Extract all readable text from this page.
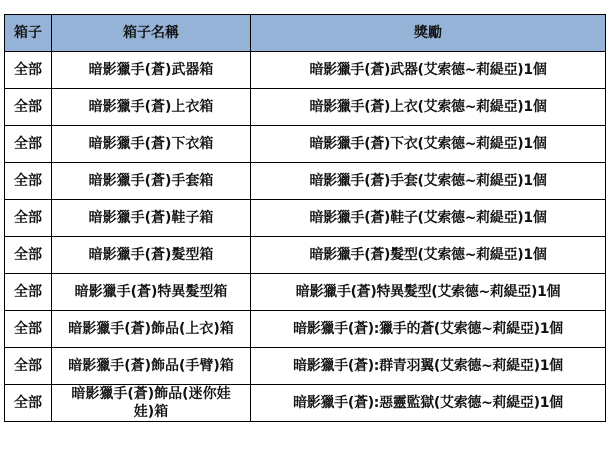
箱子	箱子名稱	獎勵
全部	暗影獵手(蒼)武器箱	暗影獵手(蒼)武器(艾索德~莉緹亞)1個
全部	暗影獵手(蒼)上衣箱	暗影獵手(蒼)上衣(艾索德~莉緹亞)1個
全部	暗影獵手(蒼)下衣箱	暗影獵手(蒼)下衣(艾索德~莉緹亞)1個
全部	暗影獵手(蒼)手套箱	暗影獵手(蒼)手套(艾索德~莉緹亞)1個
全部	暗影獵手(蒼)鞋子箱	暗影獵手(蒼)鞋子(艾索德~莉緹亞)1個
全部	暗影獵手(蒼)髮型箱	暗影獵手(蒼)髮型(艾索德~莉緹亞)1個
全部	暗影獵手(蒼)特異髮型箱	暗影獵手(蒼)特異髮型(艾索德~莉緹亞)1個
全部	暗影獵手(蒼)飾品(上衣)箱	暗影獵手(蒼):獵手的蒼(艾索德~莉緹亞)1個
全部	暗影獵手(蒼)飾品(手臂)箱	暗影獵手(蒼):群青羽翼(艾索德~莉緹亞)1個
全部	暗影獵手(蒼)飾品(迷你娃娃)箱	暗影獵手(蒼):惡靈監獄(艾索德~莉緹亞)1個
